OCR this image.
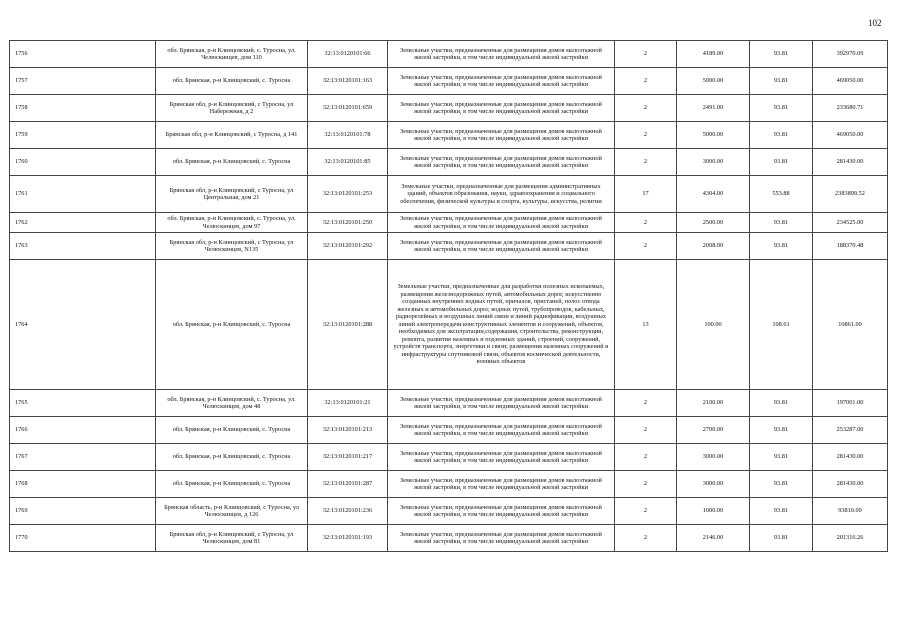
102
1756	обл. Брянская, р-н Клинцовский, с. Туросна, ул. Челюскинцев, дом 110	32:13:0120101:66	Земельные участки, предназначенные для размещения домов малоэтажной жилой застройки, в том числе индивидуальной жилой застройки	2	4189.00	93.81	392970.09
1757	обл. Брянская, р-н Клинцовский, с. Туросна	32:13:0120101:163	Земельные участки, предназначенные для размещения домов малоэтажной жилой застройки, в том числе индивидуальной жилой застройки	2	5000.00	93.81	469050.00
1758	Брянская обл, р-н Клинцовский, с Туросна, ул Набережная, д 2	32:13:0120101:659	Земельные участки, предназначенные для размещения домов малоэтажной жилой застройки, в том числе индивидуальной жилой застройки	2	2491.00	93.81	233680.71
1759	Брянская обл, р-н Клинцовский, с Туросна, д 141	32:13:0120101:78	Земельные участки, предназначенные для размещения домов малоэтажной жилой застройки, в том числе индивидуальной жилой застройки	2	5000.00	93.81	469050.00
1760	обл. Брянская, р-н Клинцовский, с. Туросна	32:13:0120101:85	Земельные участки, предназначенные для размещения домов малоэтажной жилой застройки, в том числе индивидуальной жилой застройки	2	3000.00	93.81	281430.00
1761	Брянская обл, р-н Клинцовский, с Туросна, ул Центральная, дом 21	32:13:0120101:253	Земельные участки, предназначенные для размещения административных зданий, объектов образования, науки, здравоохранения и социального обеспечения, физической культуры и спорта, культуры, искусства, религии	17	4304.00	553.88	2383899.52
1762	обл. Брянская, р-н Клинцовский, с. Туросна, ул. Челюскинцев, дом 97	32:13:0120101:250	Земельные участки, предназначенные для размещения домов малоэтажной жилой застройки, в том числе индивидуальной жилой застройки	2	2500.00	93.81	234525.00
1763	Брянская обл, р-н Клинцовский, с Туросна, ул Челюскинцев, N135	32:13:0120101:292	Земельные участки, предназначенные для размещения домов малоэтажной жилой застройки, в том числе индивидуальной жилой застройки	2	2008.00	93.81	188370.48
1764	обл. Брянская, р-н Клинцовский, с. Туросна	32:13:0120101:288	Земельные участки, предназначенные для разработки полезных ископаемых, размещения железнодорожных путей, автомобильных дорог, искусственно созданных внутренних водных путей, причалов, пристаней, полос отвода железных и автомобильных дорог, водных путей, трубопроводов, кабельных, радиорелейных и воздушных линий связи и линий радиофикации, воздушных линий электропередачи конструктивных элементов и сооружений, объектов, необходимых для эксплуатации,содержания, строительства, реконструкции, ремонта, развития наземных и подземных зданий, строений, сооружений, устройств транспорта, энергетики и связи; размещения наземных сооружений и инфраструктуры спутниковой связи, объектов космической деятельности, военных объектов	13	100.00	108.61	10861.00
1765	обл. Брянская, р-н Клинцовский, с. Туросна, ул. Челюскинцев, дом 48	32:13:0120101:21	Земельные участки, предназначенные для размещения домов малоэтажной жилой застройки, в том числе индивидуальной жилой застройки	2	2100.00	93.81	197001.00
1766	обл. Брянская, р-н Клинцовский, с. Туросна	32:13:0120101:213	Земельные участки, предназначенные для размещения домов малоэтажной жилой застройки, в том числе индивидуальной жилой застройки	2	2700.00	93.81	253287.00
1767	обл. Брянская, р-н Клинцовский, с. Туросна	32:13:0120101:217	Земельные участки, предназначенные для размещения домов малоэтажной жилой застройки, в том числе индивидуальной жилой застройки	2	3000.00	93.81	281430.00
1768	обл. Брянская, р-н Клинцовский, с. Туросна	32:13:0120101:287	Земельные участки, предназначенные для размещения домов малоэтажной жилой застройки, в том числе индивидуальной жилой застройки	2	3000.00	93.81	281430.00
1769	Брянская область, р-н Клинцовский, с Туросна, ул Челюскинцев, д 126	32:13:0120101:236	Земельные участки, предназначенные для размещения домов малоэтажной жилой застройки, в том числе индивидуальной жилой застройки	2	1000.00	93.81	93810.00
1770	Брянская обл, р-н Клинцовский, с Туросна, ул Челюскинцев, дом 81	32:13:0120101:193	Земельные участки, предназначенные для размещения домов малоэтажной жилой застройки, в том числе индивидуальной жилой застройки	2	2146.00	93.81	201316.26
